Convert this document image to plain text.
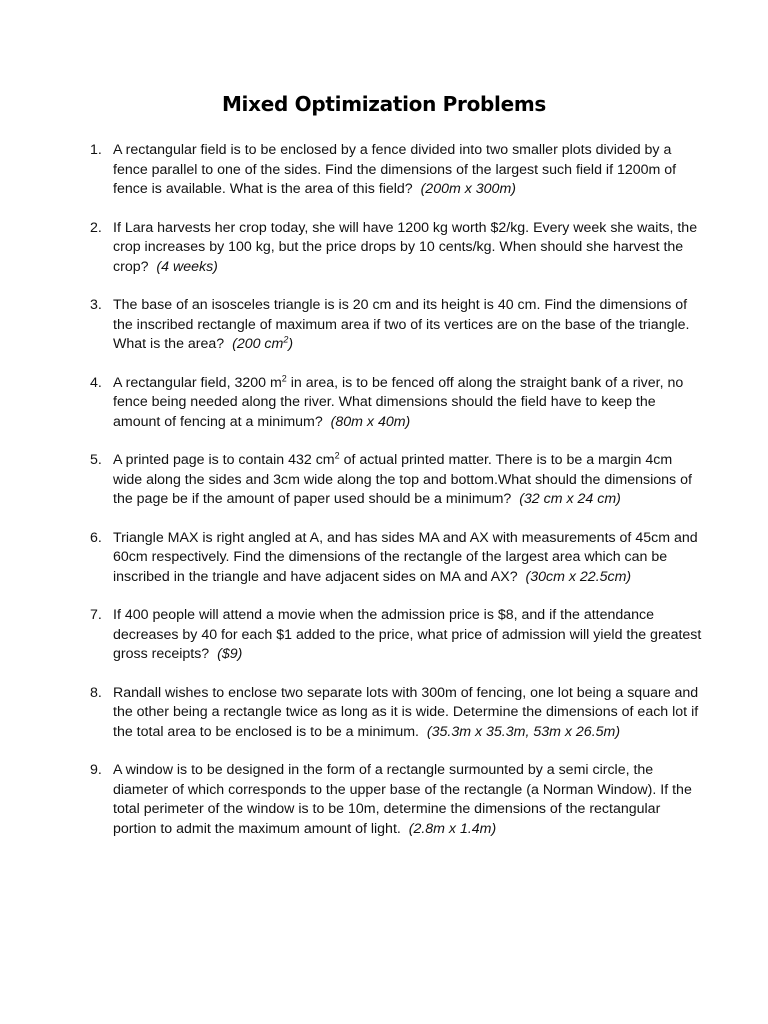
Mixed Optimization Problems
1. A rectangular field is to be enclosed by a fence divided into two smaller plots divided by a fence parallel to one of the sides. Find the dimensions of the largest such field if 1200m of fence is available. What is the area of this field? (200m x 300m)
2. If Lara harvests her crop today, she will have 1200 kg worth $2/kg. Every week she waits, the crop increases by 100 kg, but the price drops by 10 cents/kg. When should she harvest the crop? (4 weeks)
3. The base of an isosceles triangle is is 20 cm and its height is 40 cm. Find the dimensions of the inscribed rectangle of maximum area if two of its vertices are on the base of the triangle. What is the area? (200 $cm^2$)
4. A rectangular field, 3200 $m^2$ in area, is to be fenced off along the straight bank of a river, no fence being needed along the river. What dimensions should the field have to keep the amount of fencing at a minimum? (80m x 40m)
5. A printed page is to contain 432 $cm^2$ of actual printed matter. There is to be a margin 4cm wide along the sides and 3cm wide along the top and bottom.What should the dimensions of the page be if the amount of paper used should be a minimum? (32 cm x 24 cm)
6. Triangle MAX is right angled at A, and has sides MA and AX with measurements of 45cm and 60cm respectively. Find the dimensions of the rectangle of the largest area which can be inscribed in the triangle and have adjacent sides on MA and AX? (30cm x 22.5cm)
7. If 400 people will attend a movie when the admission price is $8, and if the attendance decreases by 40 for each $1 added to the price, what price of admission will yield the greatest gross receipts? ($9)
8. Randall wishes to enclose two separate lots with 300m of fencing, one lot being a square and the other being a rectangle twice as long as it is wide. Determine the dimensions of each lot if the total area to be enclosed is to be a minimum. (35.3m x 35.3m, 53m x 26.5m)
9. A window is to be designed in the form of a rectangle surmounted by a semi circle, the diameter of which corresponds to the upper base of the rectangle (a Norman Window). If the total perimeter of the window is to be 10m, determine the dimensions of the rectangular portion to admit the maximum amount of light. (2.8m x 1.4m)
